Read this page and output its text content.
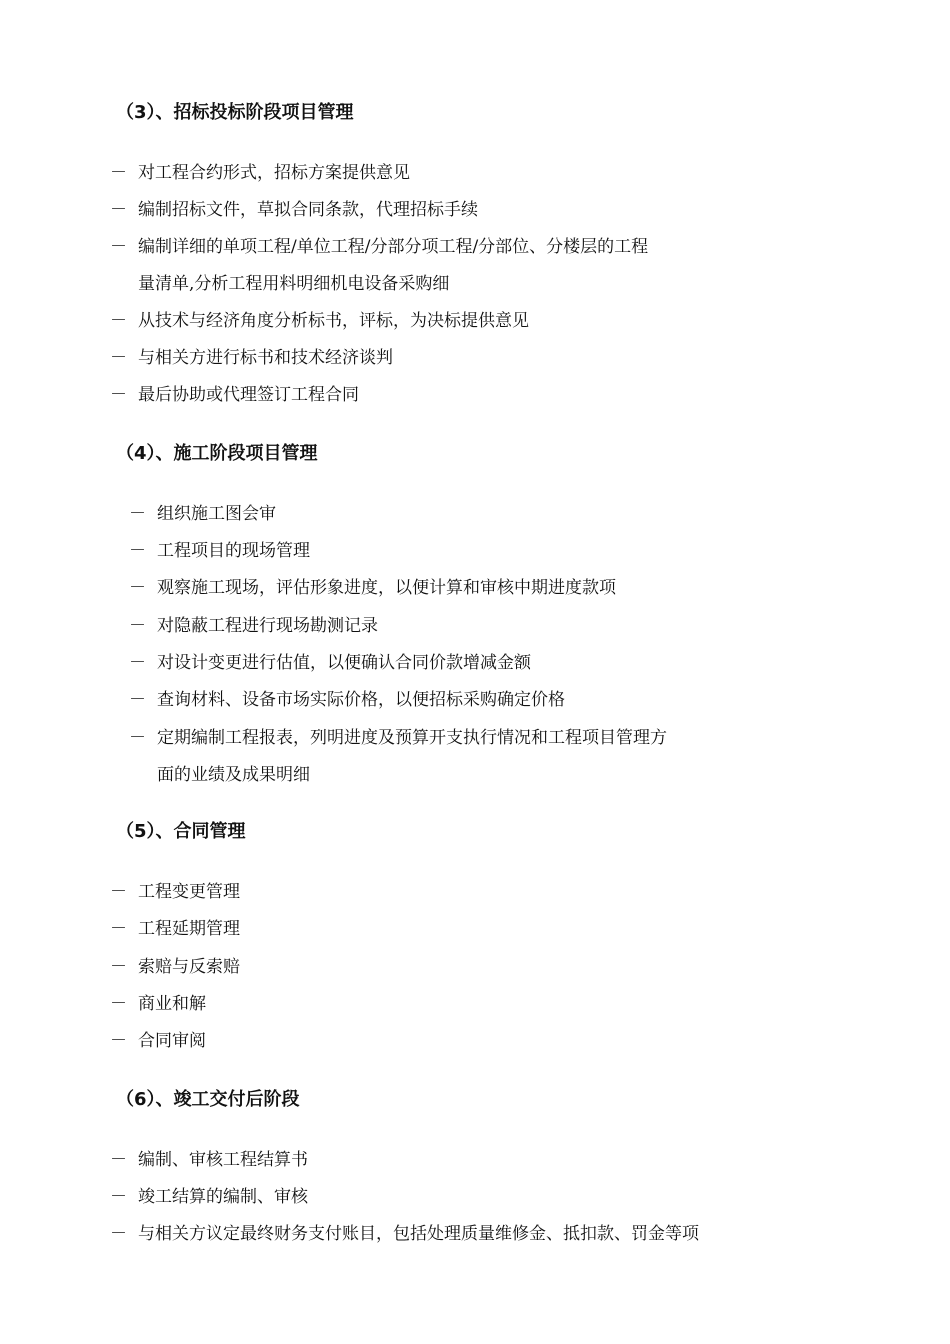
（3）、招标投标阶段项目管理
－ 对工程合约形式，招标方案提供意见
－ 编制招标文件，草拟合同条款，代理招标手续
－ 编制详细的单项工程/单位工程/分部分项工程/分部位、分楼层的工程
量清单,分析工程用料明细机电设备采购细
－ 从技术与经济角度分析标书，评标，为决标提供意见
－ 与相关方进行标书和技术经济谈判
－ 最后协助或代理签订工程合同
（4）、施工阶段项目管理
－ 组织施工图会审
－ 工程项目的现场管理
－ 观察施工现场，评估形象进度，以便计算和审核中期进度款项
－ 对隐蔽工程进行现场勘测记录
－ 对设计变更进行估值，以便确认合同价款增减金额
－ 查询材料、设备市场实际价格，以便招标采购确定价格
－ 定期编制工程报表，列明进度及预算开支执行情况和工程项目管理方
面的业绩及成果明细
（5）、合同管理
－ 工程变更管理
－ 工程延期管理
－ 索赔与反索赔
－ 商业和解
－ 合同审阅
（6）、竣工交付后阶段
－ 编制、审核工程结算书
－ 竣工结算的编制、审核
－ 与相关方议定最终财务支付账目，包括处理质量维修金、抵扣款、罚金等项
